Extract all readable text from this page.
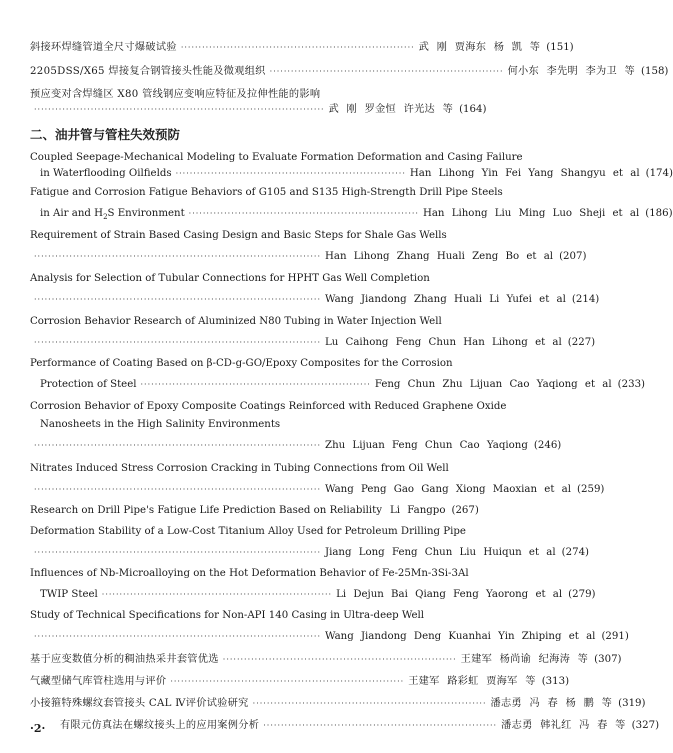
斜接环焊缝管道全尺寸爆破试验 ·································································· 武 刚 贾海东 杨 凯 等 (151)
2205DSS/X65 焊接复合钢管接头性能及微观组织 ·································································· 何小东 李先明 李为卫 等 (158)
预应变对含焊缝区 X80 管线钢应变响应特征及拉伸性能的影响
·················································································· 武 刚 罗金恒 许光达 等 (164)
二、油井管与管柱失效预防
Coupled Seepage-Mechanical Modeling to Evaluate Formation Deformation and Casing Failure
in Waterflooding Oilfields ································································· Han Lihong Yin Fei Yang Shangyu et al (174)
Fatigue and Corrosion Fatigue Behaviors of G105 and S135 High-Strength Drill Pipe Steels
in Air and $H_2S$ Environment ································································· Han Lihong Liu Ming Luo Sheji et al (186)
Requirement of Strain Based Casing Design and Basic Steps for Shale Gas Wells
················································································· Han Lihong Zhang Huali Zeng Bo et al (207)
Analysis for Selection of Tubular Connections for HPHT Gas Well Completion
················································································· Wang Jiandong Zhang Huali Li Yufei et al (214)
Corrosion Behavior Research of Aluminized N80 Tubing in Water Injection Well
················································································· Lu Caihong Feng Chun Han Lihong et al (227)
Performance of Coating Based on β-CD-g-GO/Epoxy Composites for the Corrosion
Protection of Steel ································································· Feng Chun Zhu Lijuan Cao Yaqiong et al (233)
Corrosion Behavior of Epoxy Composite Coatings Reinforced with Reduced Graphene Oxide
Nanosheets in the High Salinity Environments
················································································· Zhu Lijuan Feng Chun Cao Yaqiong (246)
Nitrates Induced Stress Corrosion Cracking in Tubing Connections from Oil Well
················································································· Wang Peng Gao Gang Xiong Maoxian et al (259)
Research on Drill Pipe's Fatigue Life Prediction Based on Reliability Li Fangpo (267)
Deformation Stability of a Low-Cost Titanium Alloy Used for Petroleum Drilling Pipe
················································································· Jiang Long Feng Chun Liu Huiqun et al (274)
Influences of Nb-Microalloying on the Hot Deformation Behavior of Fe-25Mn-3Si-3Al
TWIP Steel ································································· Li Dejun Bai Qiang Feng Yaorong et al (279)
Study of Technical Specifications for Non-API 140 Casing in Ultra-deep Well
················································································· Wang Jiandong Deng Kuanhai Yin Zhiping et al (291)
基于应变数值分析的稠油热采井套管优选 ·································································· 王建军 杨尚谕 纪海涛 等 (307)
气藏型储气库管柱选用与评价 ·································································· 王建军 路彩虹 贾海军 等 (313)
小接箍特殊螺纹套管接头 CAL Ⅳ评价试验研究 ·································································· 潘志勇 冯 春 杨 鹏 等 (319)
有限元仿真法在螺纹接头上的应用案例分析 ·································································· 潘志勇 韩礼红 冯 春 等 (327)
·2·
